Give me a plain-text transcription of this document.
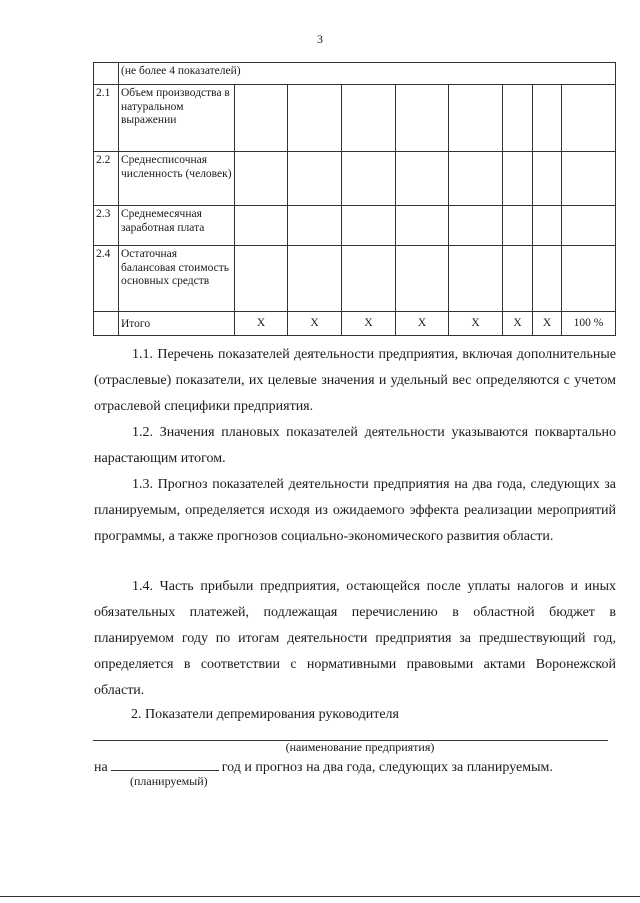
3
	(не более 4 показателей)								
2.1	Объем производства в натуральном выражении								
2.2	Среднесписочная численность (человек)								
2.3	Среднемесячная заработная плата								
2.4	Остаточная балансовая стоимость основных средств								
	Итого	X	X	X	X	X	X	X	100 %
1.1. Перечень показателей деятельности предприятия, включая дополнительные (отраслевые) показатели, их целевые значения и удельный вес определяются с учетом отраслевой специфики предприятия.
1.2. Значения плановых показателей деятельности указываются поквартально нарастающим итогом.
1.3. Прогноз показателей деятельности предприятия на два года, следующих за планируемым, определяется исходя из ожидаемого эффекта реализации мероприятий программы, а также прогнозов социально-экономического развития области.
1.4. Часть прибыли предприятия, остающейся после уплаты налогов и иных обязательных платежей, подлежащая перечислению в областной бюджет в планируемом году по итогам деятельности предприятия за предшествующий год, определяется в соответствии с нормативными правовыми актами Воронежской области.
2. Показатели депремирования руководителя
(наименование предприятия)
на	год и прогноз на два года, следующих за планируемым.
(планируемый)
